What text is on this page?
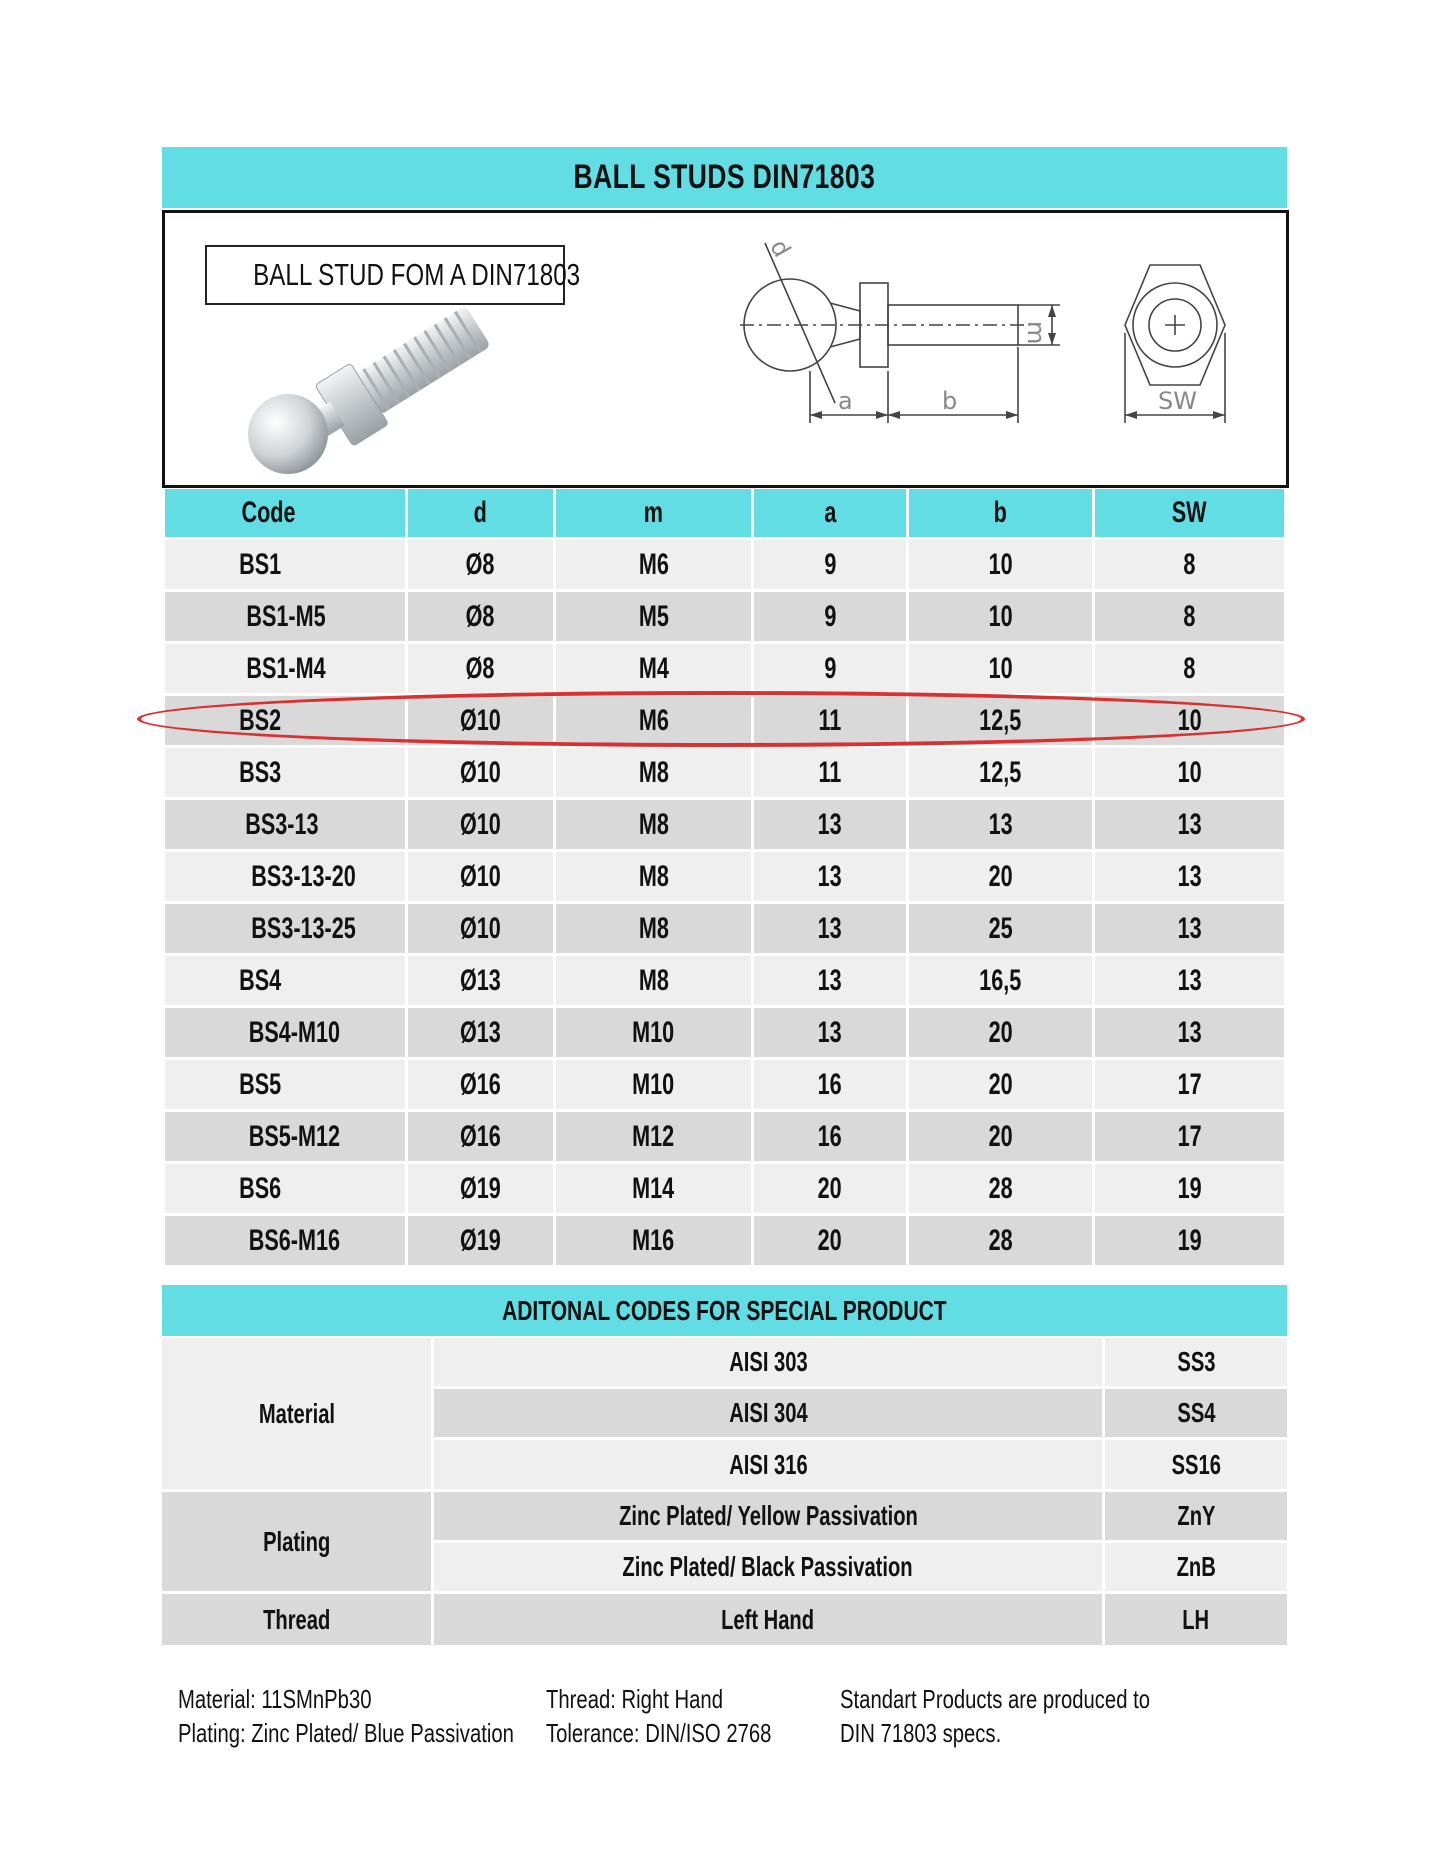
BALL STUDS DIN71803
BALL STUD FOM A DIN71803
a	b
m
SW
d
Code	d	m	a	b	SW
BS1	Ø8	M6	9	10	8
BS1-M5	Ø8	M5	9	10	8
BS1-M4	Ø8	M4	9	10	8
BS2	Ø10	M6	11	12,5	10
BS3	Ø10	M8	11	12,5	10
BS3-13	Ø10	M8	13	13	13
BS3-13-20	Ø10	M8	13	20	13
BS3-13-25	Ø10	M8	13	25	13
BS4	Ø13	M8	13	16,5	13
BS4-M10	Ø13	M10	13	20	13
BS5	Ø16	M10	16	20	17
BS5-M12	Ø16	M12	16	20	17
BS6	Ø19	M14	20	28	19
BS6-M16	Ø19	M16	20	28	19
ADITONAL CODES FOR SPECIAL PRODUCT
Material
AISI 303	SS3
AISI 304	SS4
AISI 316	SS16
Plating
Zinc Plated/ Yellow Passivation	ZnY
Zinc Plated/ Black Passivation	ZnB
Thread	Left Hand	LH
Material: 11SMnPb30
Plating: Zinc Plated/ Blue Passivation
Thread: Right Hand
Tolerance: DIN/ISO 2768
Standart Products are produced to
DIN 71803 specs.
